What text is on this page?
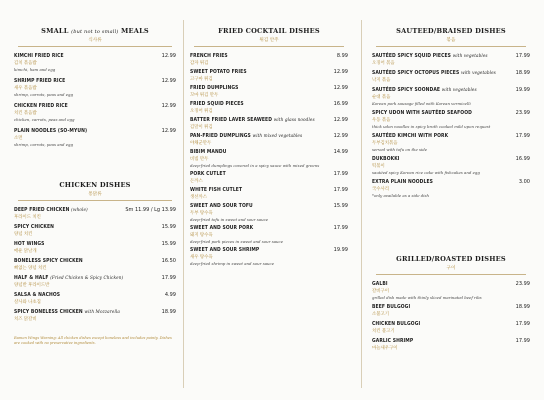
SMALL (but not to small) MEALS

식사류

KIMCHI FRIED RICE	12.99
김치 볶음밥
kimchi, ham and egg
SHRIMP FRIED RICE	12.99
새우 볶음밥
shrimp, carrots, peas and egg
CHICKEN FRIED RICE	12.99
치킨 볶음밥
chicken, carrots, peas and egg
PLAIN NOODLES (SO-MYUN)	12.99
소면
shrimp, carrots, peas and egg

CHICKEN DISHES

통닭류

DEEP FRIED CHICKEN (whole)	Sm 11.99 / Lg 13.99
후라이드 치킨
SPICY CHICKEN	15.99
양념 치킨
HOT WINGS	15.99
매운 닭날개
BONELESS SPICY CHICKEN	16.50
뼈없는 양념 치킨
HALF & HALF (Fried Chicken & Spicy Chicken)	17.99
양념반 후라이드반
SALSA & NACHOS	4.99
샬사와 나초칩
SPICY BONELESS CHICKEN with Mozzarella	18.99
치즈 닭갈비
Ramen Wings Warning: All chicken dishes except boneless and includes pointy. Dishes are cooked with no preservative ingredients.

FRIED COCKTAIL DISHES

튀김 안주

FRENCH FRIES	8.99
감자 튀김
SWEET POTATO FRIES	12.99
고구마 튀김
FRIED DUMPLINGS	12.99
꼬마 튀김 만두
FRIED SQUID PIECES	16.99
오징어 튀김
BATTER FRIED LAVER SEAWEED with glass noodles	12.99
김말이 튀김
PAN-FRIED DUMPLINGS with mixed vegetables	12.99
야채군만두
BIBIM MANDU	14.99
비빔 만두
deep-fried dumplings covered in a spicy sauce with mixed greens
PORK CUTLET	17.99
돈까스
WHITE FISH CUTLET	17.99
생선까스
SWEET AND SOUR TOFU	15.99
두부 탕수육
deep-fried tofu in sweet and sour sauce
SWEET AND SOUR PORK	17.99
돼지 탕수육
deep-fried pork pieces in sweet and sour sauce
SWEET AND SOUR SHRIMP	19.99
새우 탕수육
deep-fried shrimp in sweet and sour sauce

SAUTEED/BRAISED DISHES

볶음

SAUTÉED SPICY SQUID PIECES with vegetables	17.99
오징어 볶음
SAUTÉED SPICY OCTOPUS PIECES with vegetables	18.99
낙지 볶음
SAUTÉED SPICY SOONDAE with vegetables	19.99
순대 볶음
Korean pork sausage filled with Korean vermicelli
SPICY UDON WITH SAUTÉED SEAFOOD	23.99
우동 볶음
thick udon noodles in spicy broth cooked mild upon request
SAUTÉED KIMCHI WITH PORK	17.99
두부김치볶음
served with tofu on the side
DUKBOKKI	16.99
떡볶이
sautéed spicy Korean rice cake with fishcakes and egg
EXTRA PLAIN NOODLES	3.00
국수사리
*only available as a side dish

GRILLED/ROASTED DISHES

구이

GALBI	23.99
갈비구이
grilled dish made with thinly sliced marinated beef ribs
BEEF BULGOGI	18.99
소불고기
CHICKEN BULGOGI	17.99
치킨 불고기
GARLIC SHRIMP	17.99
마늘새우구이
